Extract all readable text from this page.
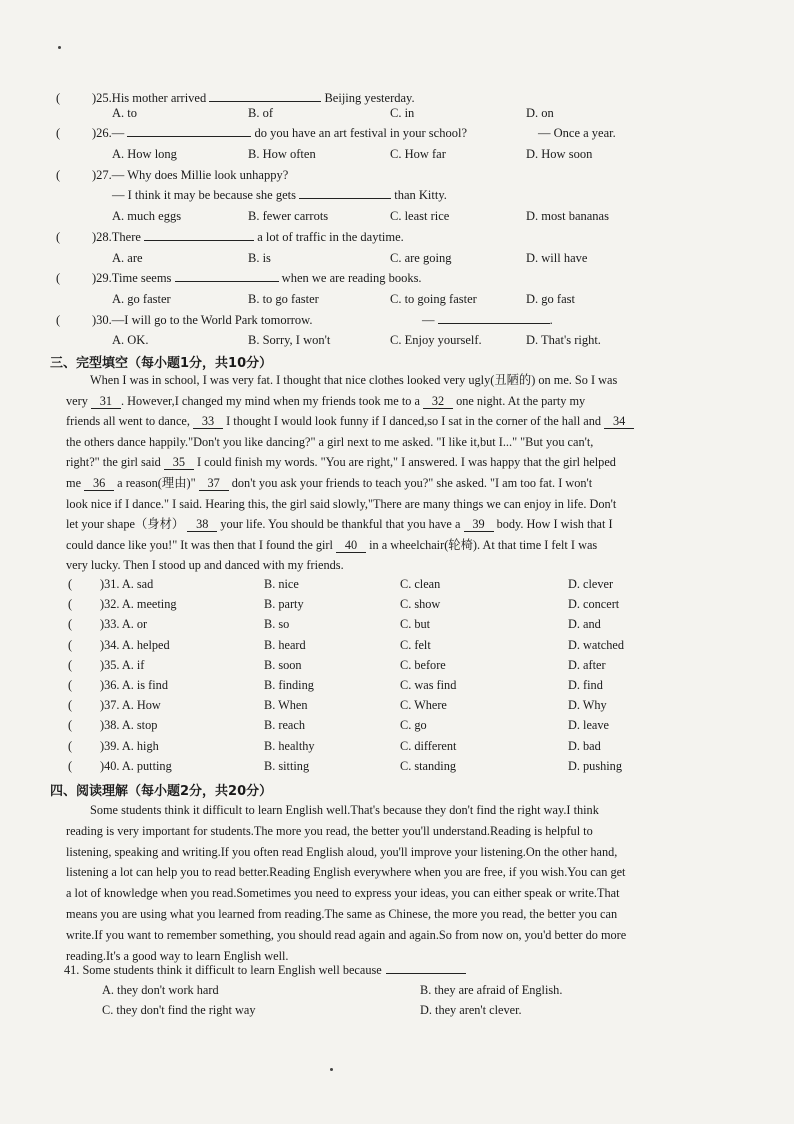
(	)25.His mother arrived	Beijing yesterday.
A. to	B. of	C. in	D. on
(	)26.—	do you have an art festival in your school?	— Once a year.
A. How long	B. How often	C. How far	D. How soon
(	)27.— Why does Millie look unhappy?
— I think it may be because she gets	than Kitty.
A. much eggs	B. fewer carrots	C. least rice	D. most bananas
(	)28.There	a lot of traffic in the daytime.
A. are	B. is	C. are going	D. will have
(	)29.Time seems	when we are reading books.
A. go faster	B. to go faster	C. to going faster	D. go fast
(	)30.—I will go to the World Park tomorrow.	—	.
A. OK.	B. Sorry, I won't	C. Enjoy yourself.	D. That's right.
三、完型填空（每小题1分，共10分）

When I was in school, I was very fat. I thought that nice clothes looked very ugly(丑陋的) on me. So I was

very 31 . However,I changed my mind when my friends took me to a 32 one night. At the party my
friends all went to dance, 33 I thought I would look funny if I danced,so I sat in the corner of the hall and 34
the others dance happily."Don't you like dancing?" a girl next to me asked. "I like it,but I..." "But you can't,
right?" the girl said 35 I could finish my words. "You are right," I answered. I was happy that the girl helped
me 36 a reason(理由)" 37 don't you ask your friends to teach you?" she asked. "I am too fat. I won't
look nice if I dance." I said. Hearing this, the girl said slowly,"There are many things we can enjoy in life. Don't
let your shape（身材） 38 your life. You should be thankful that you have a 39 body. How I wish that I
could dance like you!" It was then that I found the girl 40 in a wheelchair(轮椅). At that time I felt I was
very lucky. Then I stood up and danced with my friends.
( )31. A. sad	B. nice	C. clean	D. clever
( )32. A. meeting	B. party	C. show	D. concert
( )33. A. or	B. so	C. but	D. and
( )34. A. helped	B. heard	C. felt	D. watched
( )35. A. if	B. soon	C. before	D. after
( )36. A. is find	B. finding	C. was find	D. find
( )37. A. How	B. When	C. Where	D. Why
( )38. A. stop	B. reach	C. go	D. leave
( )39. A. high	B. healthy	C. different	D. bad
( )40. A. putting	B. sitting	C. standing	D. pushing
四、阅读理解（每小题2分，共20分）

Some students think it difficult to learn English well.That's because they don't find the right way.I think

reading is very important for students.The more you read, the better you'll understand.Reading is helpful to
listening, speaking and writing.If you often read English aloud, you'll improve your listening.On the other hand,
listening a lot can help you to read better.Reading English everywhere when you are free, if you wish.You can get
a lot of knowledge when you read.Sometimes you need to express your ideas, you can either speak or write.That
means you are using what you learned from reading.The same as Chinese, the more you read, the better you can
write.If you want to remember something, you should read again and again.So from now on, you'd better do more
reading.It's a good way to learn English well.
41. Some students think it difficult to learn English well because
A. they don't work hard	B. they are afraid of English.
C. they don't find the right way	D. they aren't clever.
